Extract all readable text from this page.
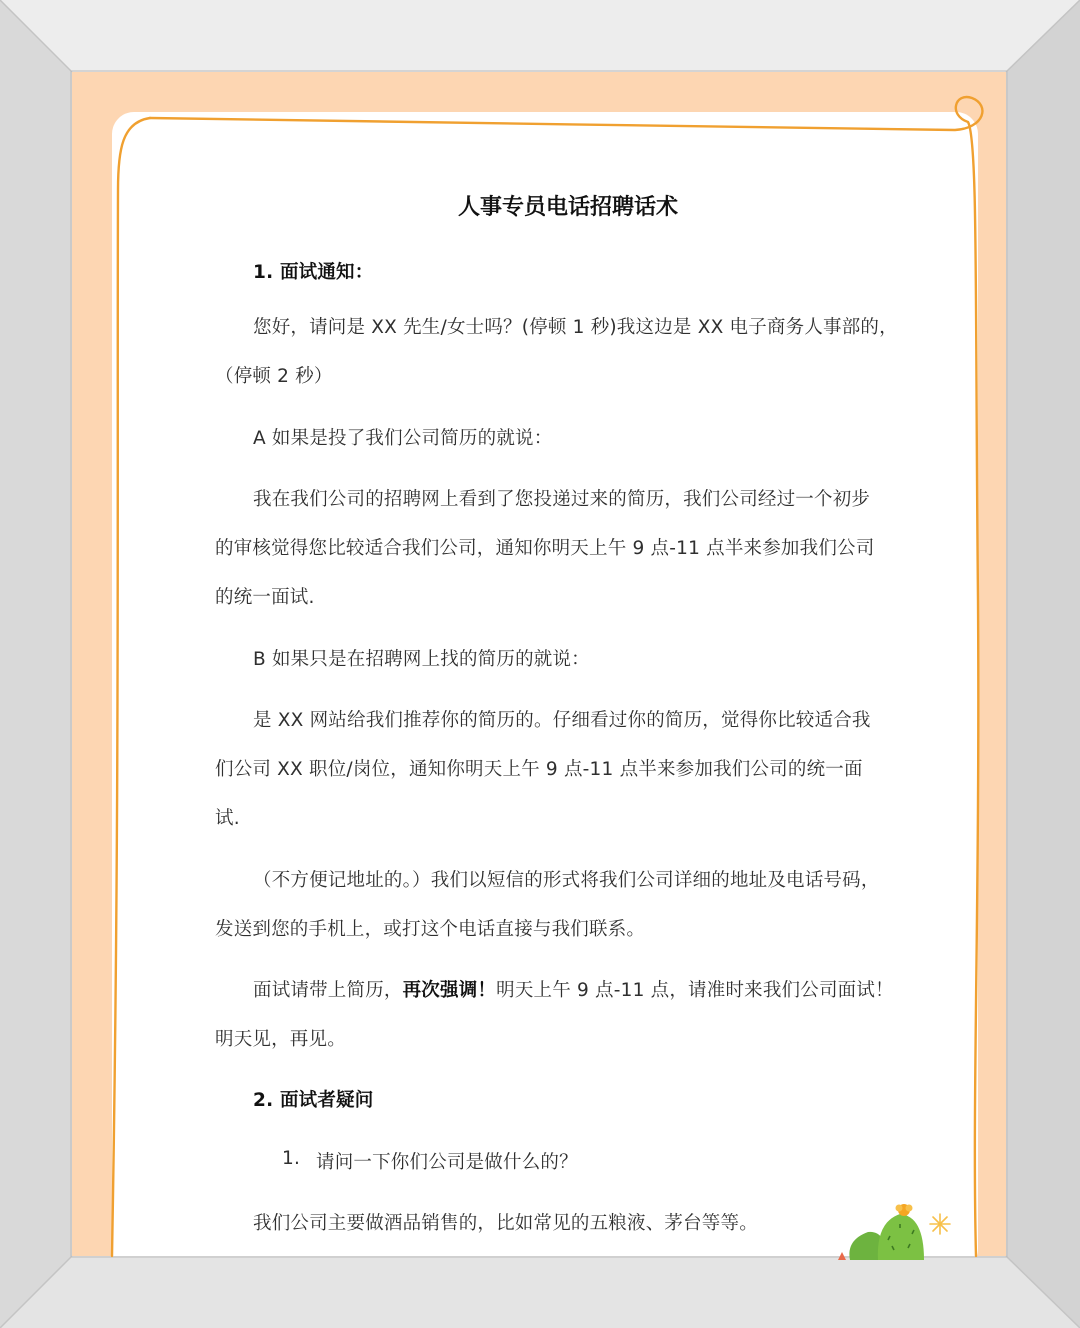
人事专员电话招聘话术
1. 面试通知：
您好，请问是 XX 先生/女士吗？(停顿 1 秒)我这边是 XX 电子商务人事部的，
（停顿 2 秒）
A 如果是投了我们公司简历的就说：
我在我们公司的招聘网上看到了您投递过来的简历，我们公司经过一个初步
的审核觉得您比较适合我们公司，通知你明天上午 9 点-11 点半来参加我们公司
的统一面试.
B 如果只是在招聘网上找的简历的就说：
是 XX 网站给我们推荐你的简历的。仔细看过你的简历，觉得你比较适合我
们公司 XX 职位/岗位，通知你明天上午 9 点-11 点半来参加我们公司的统一面
试.
（不方便记地址的。）我们以短信的形式将我们公司详细的地址及电话号码，
发送到您的手机上，或打这个电话直接与我们联系。
面试请带上简历，再次强调！明天上午 9 点-11 点，请准时来我们公司面试！
明天见，再见。
2. 面试者疑问
1. 请问一下你们公司是做什么的？
我们公司主要做酒品销售的，比如常见的五粮液、茅台等等。
